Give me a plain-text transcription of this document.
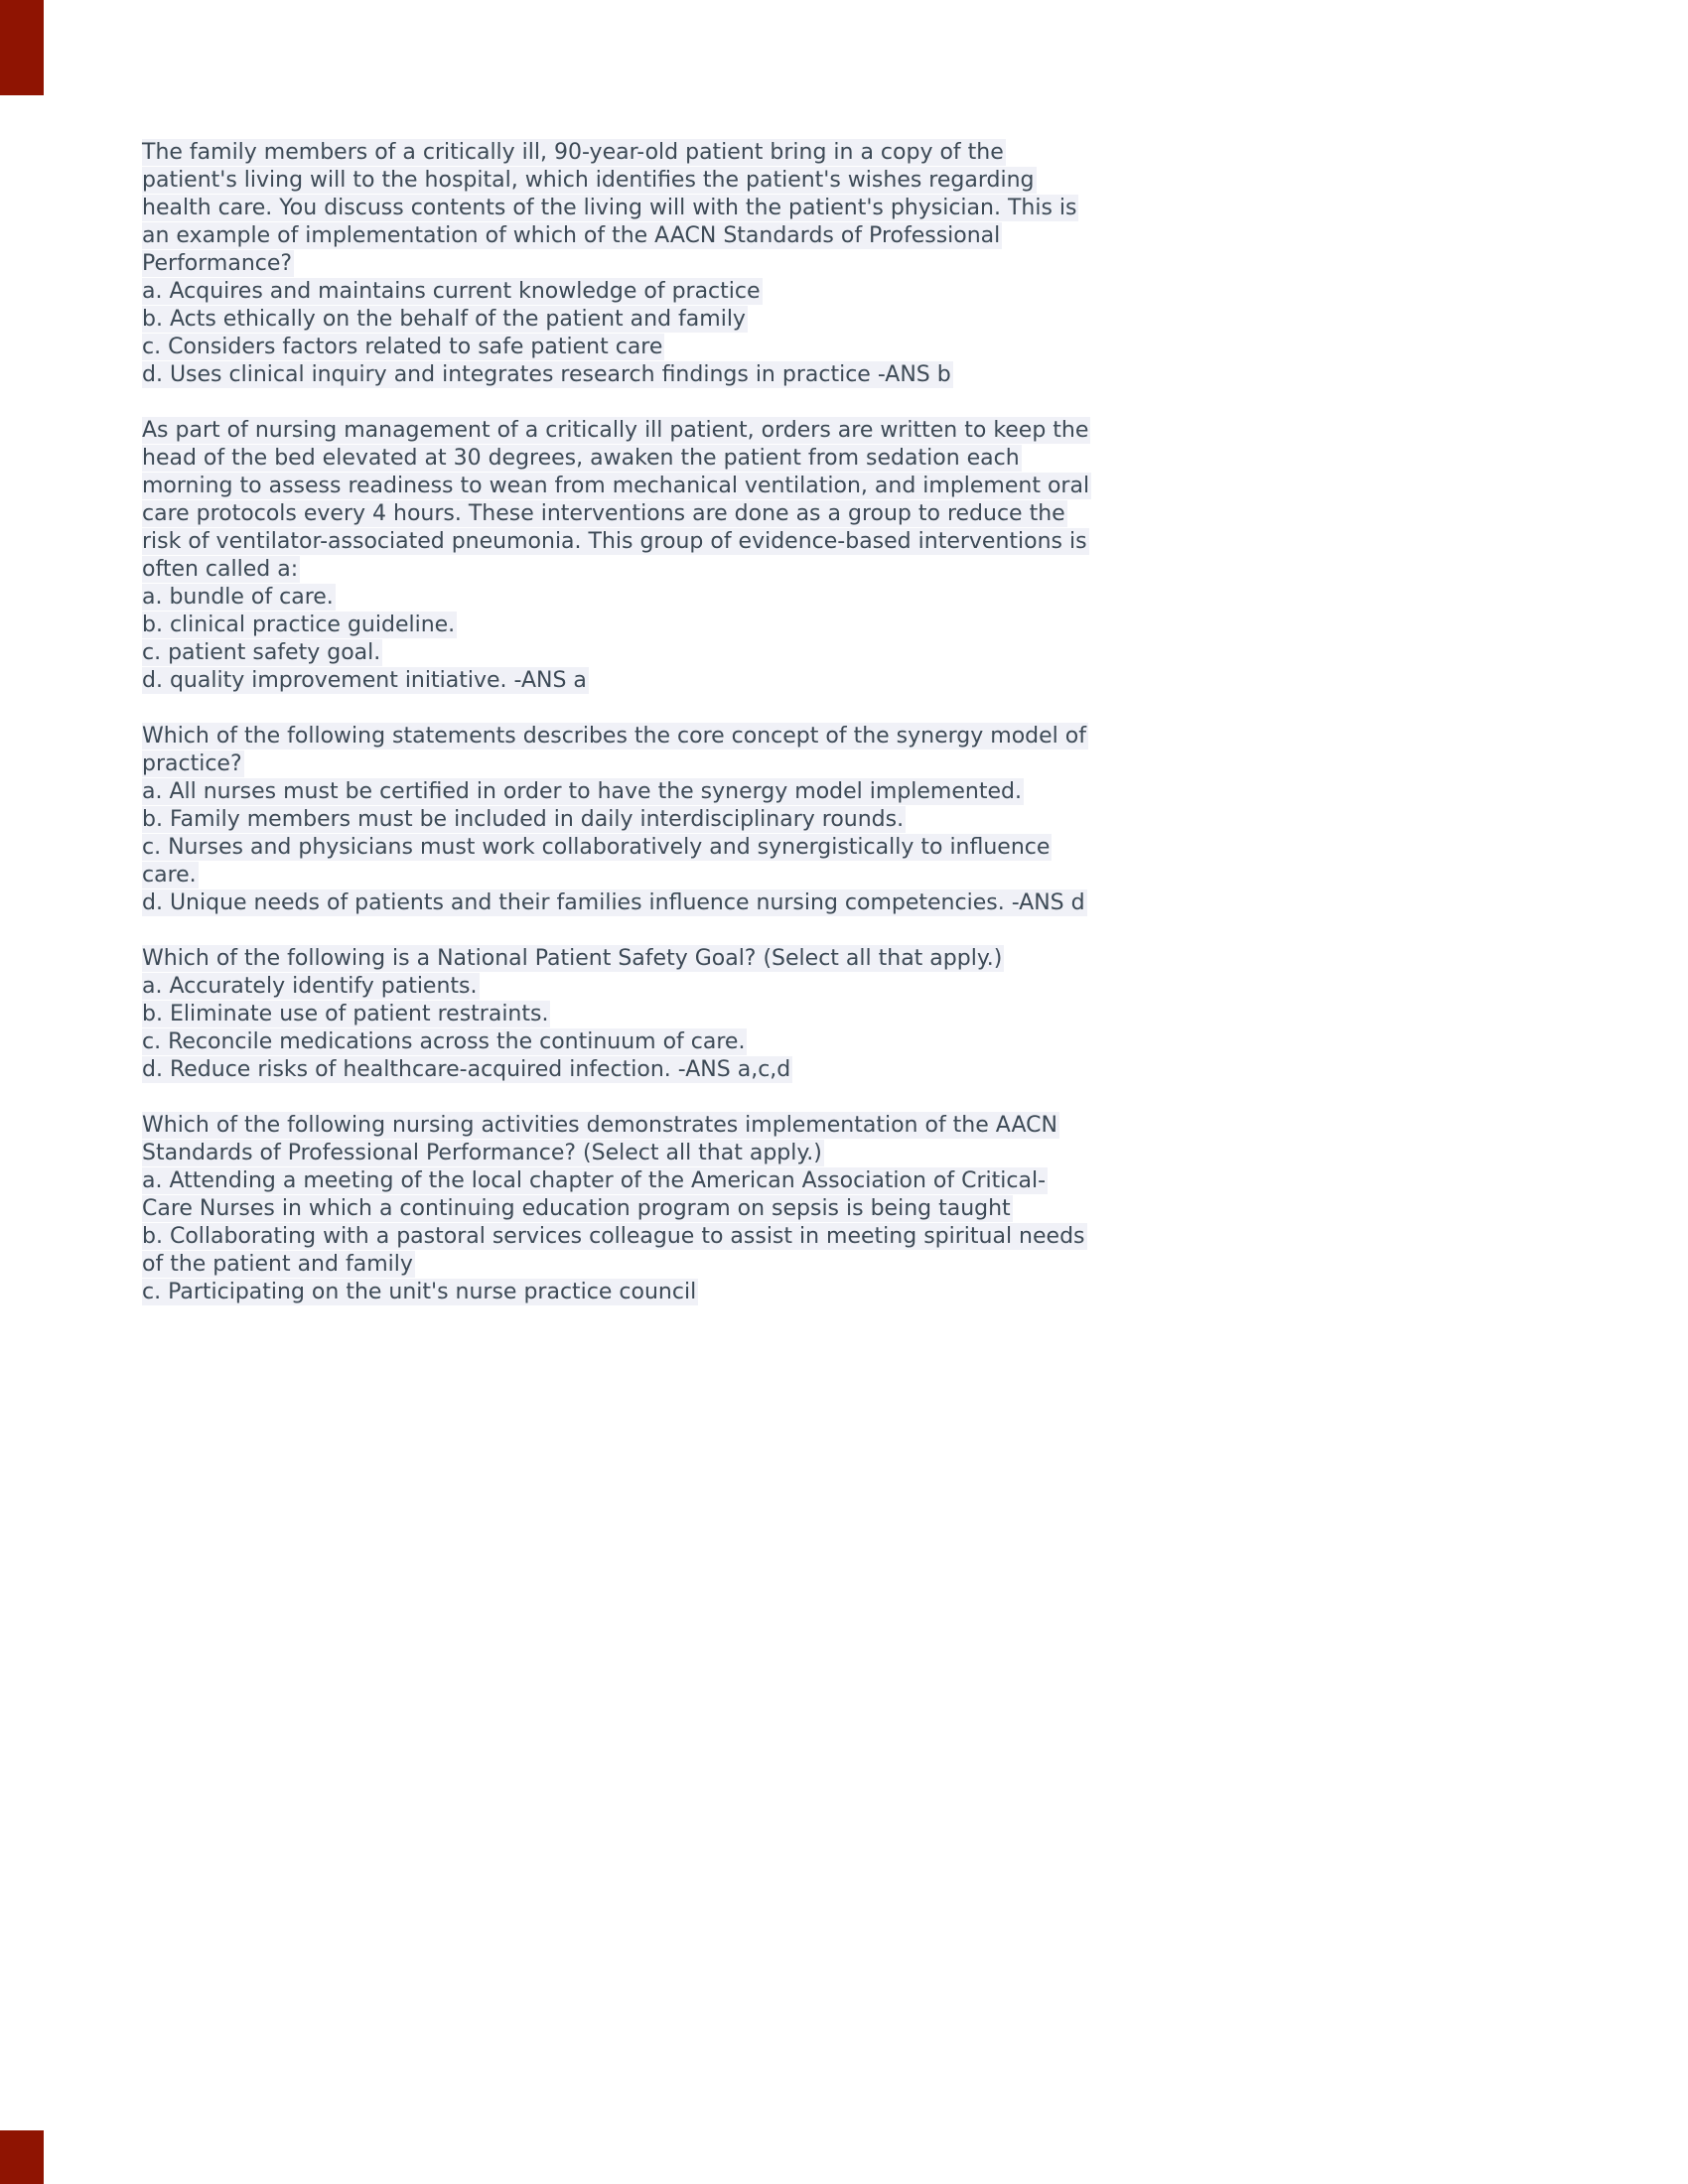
The family members of a critically ill, 90-year-old patient bring in a copy of the patient's living will to the hospital, which identifies the patient's wishes regarding health care. You discuss contents of the living will with the patient's physician. This is an example of implementation of which of the AACN Standards of Professional Performance?

a. Acquires and maintains current knowledge of practice

b. Acts ethically on the behalf of the patient and family

c. Considers factors related to safe patient care

d. Uses clinical inquiry and integrates research findings in practice -ANS b

As part of nursing management of a critically ill patient, orders are written to keep the head of the bed elevated at 30 degrees, awaken the patient from sedation each morning to assess readiness to wean from mechanical ventilation, and implement oral care protocols every 4 hours. These interventions are done as a group to reduce the risk of ventilator-associated pneumonia. This group of evidence-based interventions is often called a:

a. bundle of care.

b. clinical practice guideline.

c. patient safety goal.

d. quality improvement initiative. -ANS a

Which of the following statements describes the core concept of the synergy model of practice?

a. All nurses must be certified in order to have the synergy model implemented.

b. Family members must be included in daily interdisciplinary rounds.

c. Nurses and physicians must work collaboratively and synergistically to influence care.

d. Unique needs of patients and their families influence nursing competencies. -ANS d

Which of the following is a National Patient Safety Goal? (Select all that apply.)

a. Accurately identify patients.

b. Eliminate use of patient restraints.

c. Reconcile medications across the continuum of care.

d. Reduce risks of healthcare-acquired infection. -ANS a,c,d

Which of the following nursing activities demonstrates implementation of the AACN Standards of Professional Performance? (Select all that apply.)

a. Attending a meeting of the local chapter of the American Association of Critical-Care Nurses in which a continuing education program on sepsis is being taught

b. Collaborating with a pastoral services colleague to assist in meeting spiritual needs of the patient and family

c. Participating on the unit's nurse practice council
